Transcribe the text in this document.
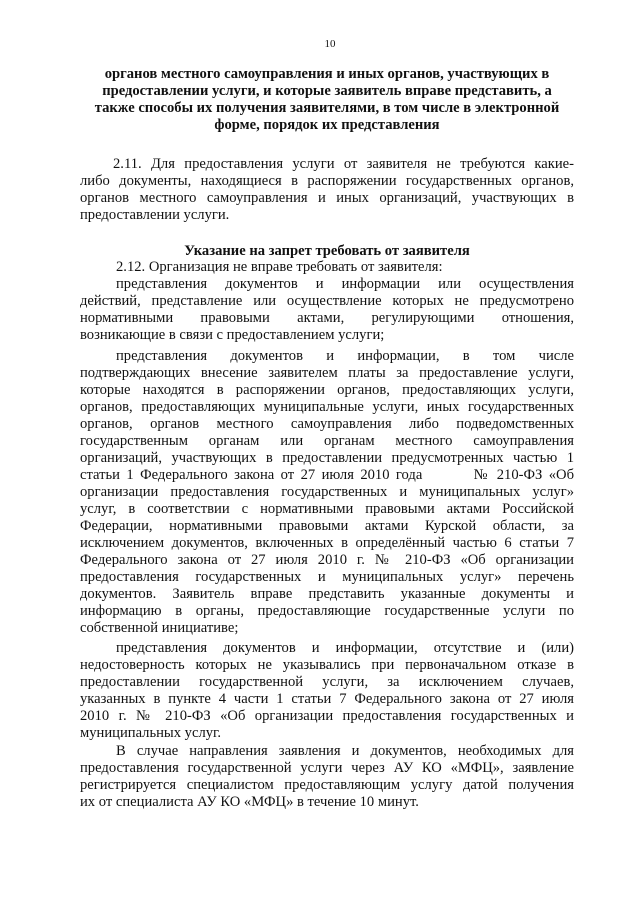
10
органов местного самоуправления и иных органов, участвующих в
предоставлении услуги, и которые заявитель вправе представить, а
также способы их получения заявителями, в том числе в электронной
форме, порядок их представления
2.11. Для предоставления услуги от заявителя не требуются какие-
либо документы, находящиеся в распоряжении государственных органов,
органов местного самоуправления и иных организаций, участвующих в
предоставлении услуги.
Указание на запрет требовать от заявителя
2.12. Организация не вправе требовать от заявителя:
представления документов и информации или осуществления
действий, представление или осуществление которых не предусмотрено
нормативными правовыми актами, регулирующими отношения,
возникающие в связи с предоставлением услуги;
представления документов и информации, в том числе
подтверждающих внесение заявителем платы за предоставление услуги,
которые находятся в распоряжении органов, предоставляющих услуги,
органов, предоставляющих муниципальные услуги, иных государственных
органов, органов местного самоуправления либо подведомственных
государственным органам или органам местного самоуправления
организаций, участвующих в предоставлении предусмотренных частью 1
статьи 1 Федерального закона от 27 июля 2010 года        № 210-ФЗ «Об
организации предоставления государственных и муниципальных услуг»
услуг, в соответствии с нормативными правовыми актами Российской
Федерации, нормативными правовыми актами Курской области, за
исключением документов, включенных в определённый частью 6 статьи 7
Федерального закона от 27 июля 2010 г. № 210-ФЗ «Об организации
предоставления государственных и муниципальных услуг» перечень
документов. Заявитель вправе представить указанные документы и
информацию в органы, предоставляющие государственные услуги по
собственной инициативе;
представления документов и информации, отсутствие и (или)
недостоверность которых не указывались при первоначальном отказе в
предоставлении государственной услуги, за исключением случаев,
указанных в пункте 4 части 1 статьи 7 Федерального закона от 27 июля
2010 г. № 210-ФЗ «Об организации предоставления государственных и
муниципальных услуг.
В случае направления заявления и документов, необходимых для
предоставления государственной услуги через АУ КО «МФЦ», заявление
регистрируется специалистом предоставляющим услугу датой получения
их от специалиста АУ КО «МФЦ» в течение 10 минут.
